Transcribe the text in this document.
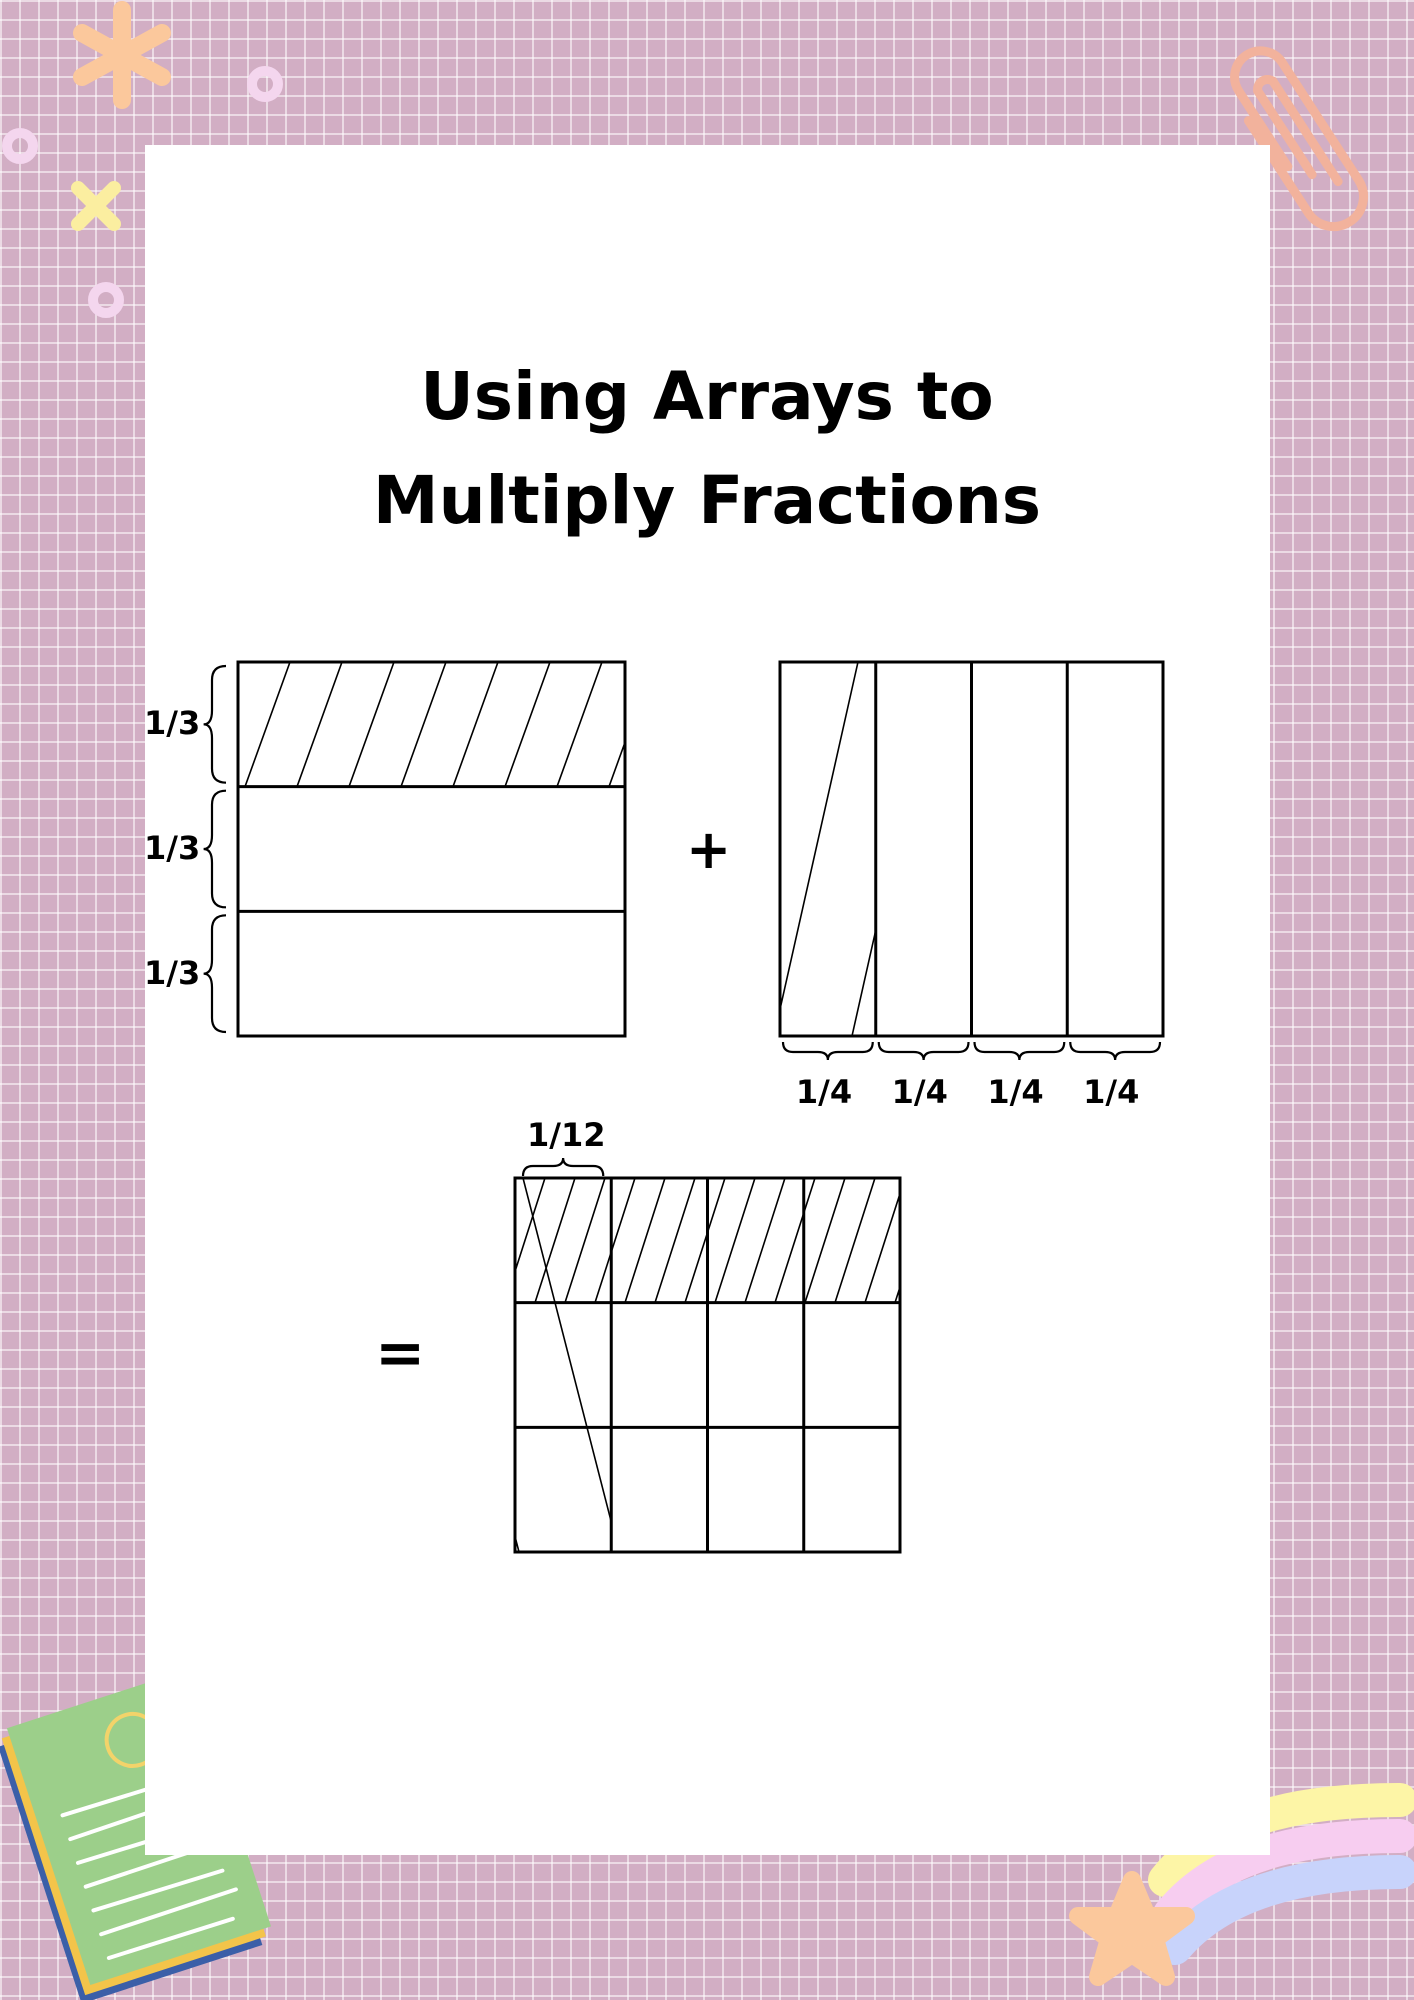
Using Arrays to
Multiply Fractions
1/3
1/3
1/3
1/4 1/4 1/4 1/4
1/12
+
=
